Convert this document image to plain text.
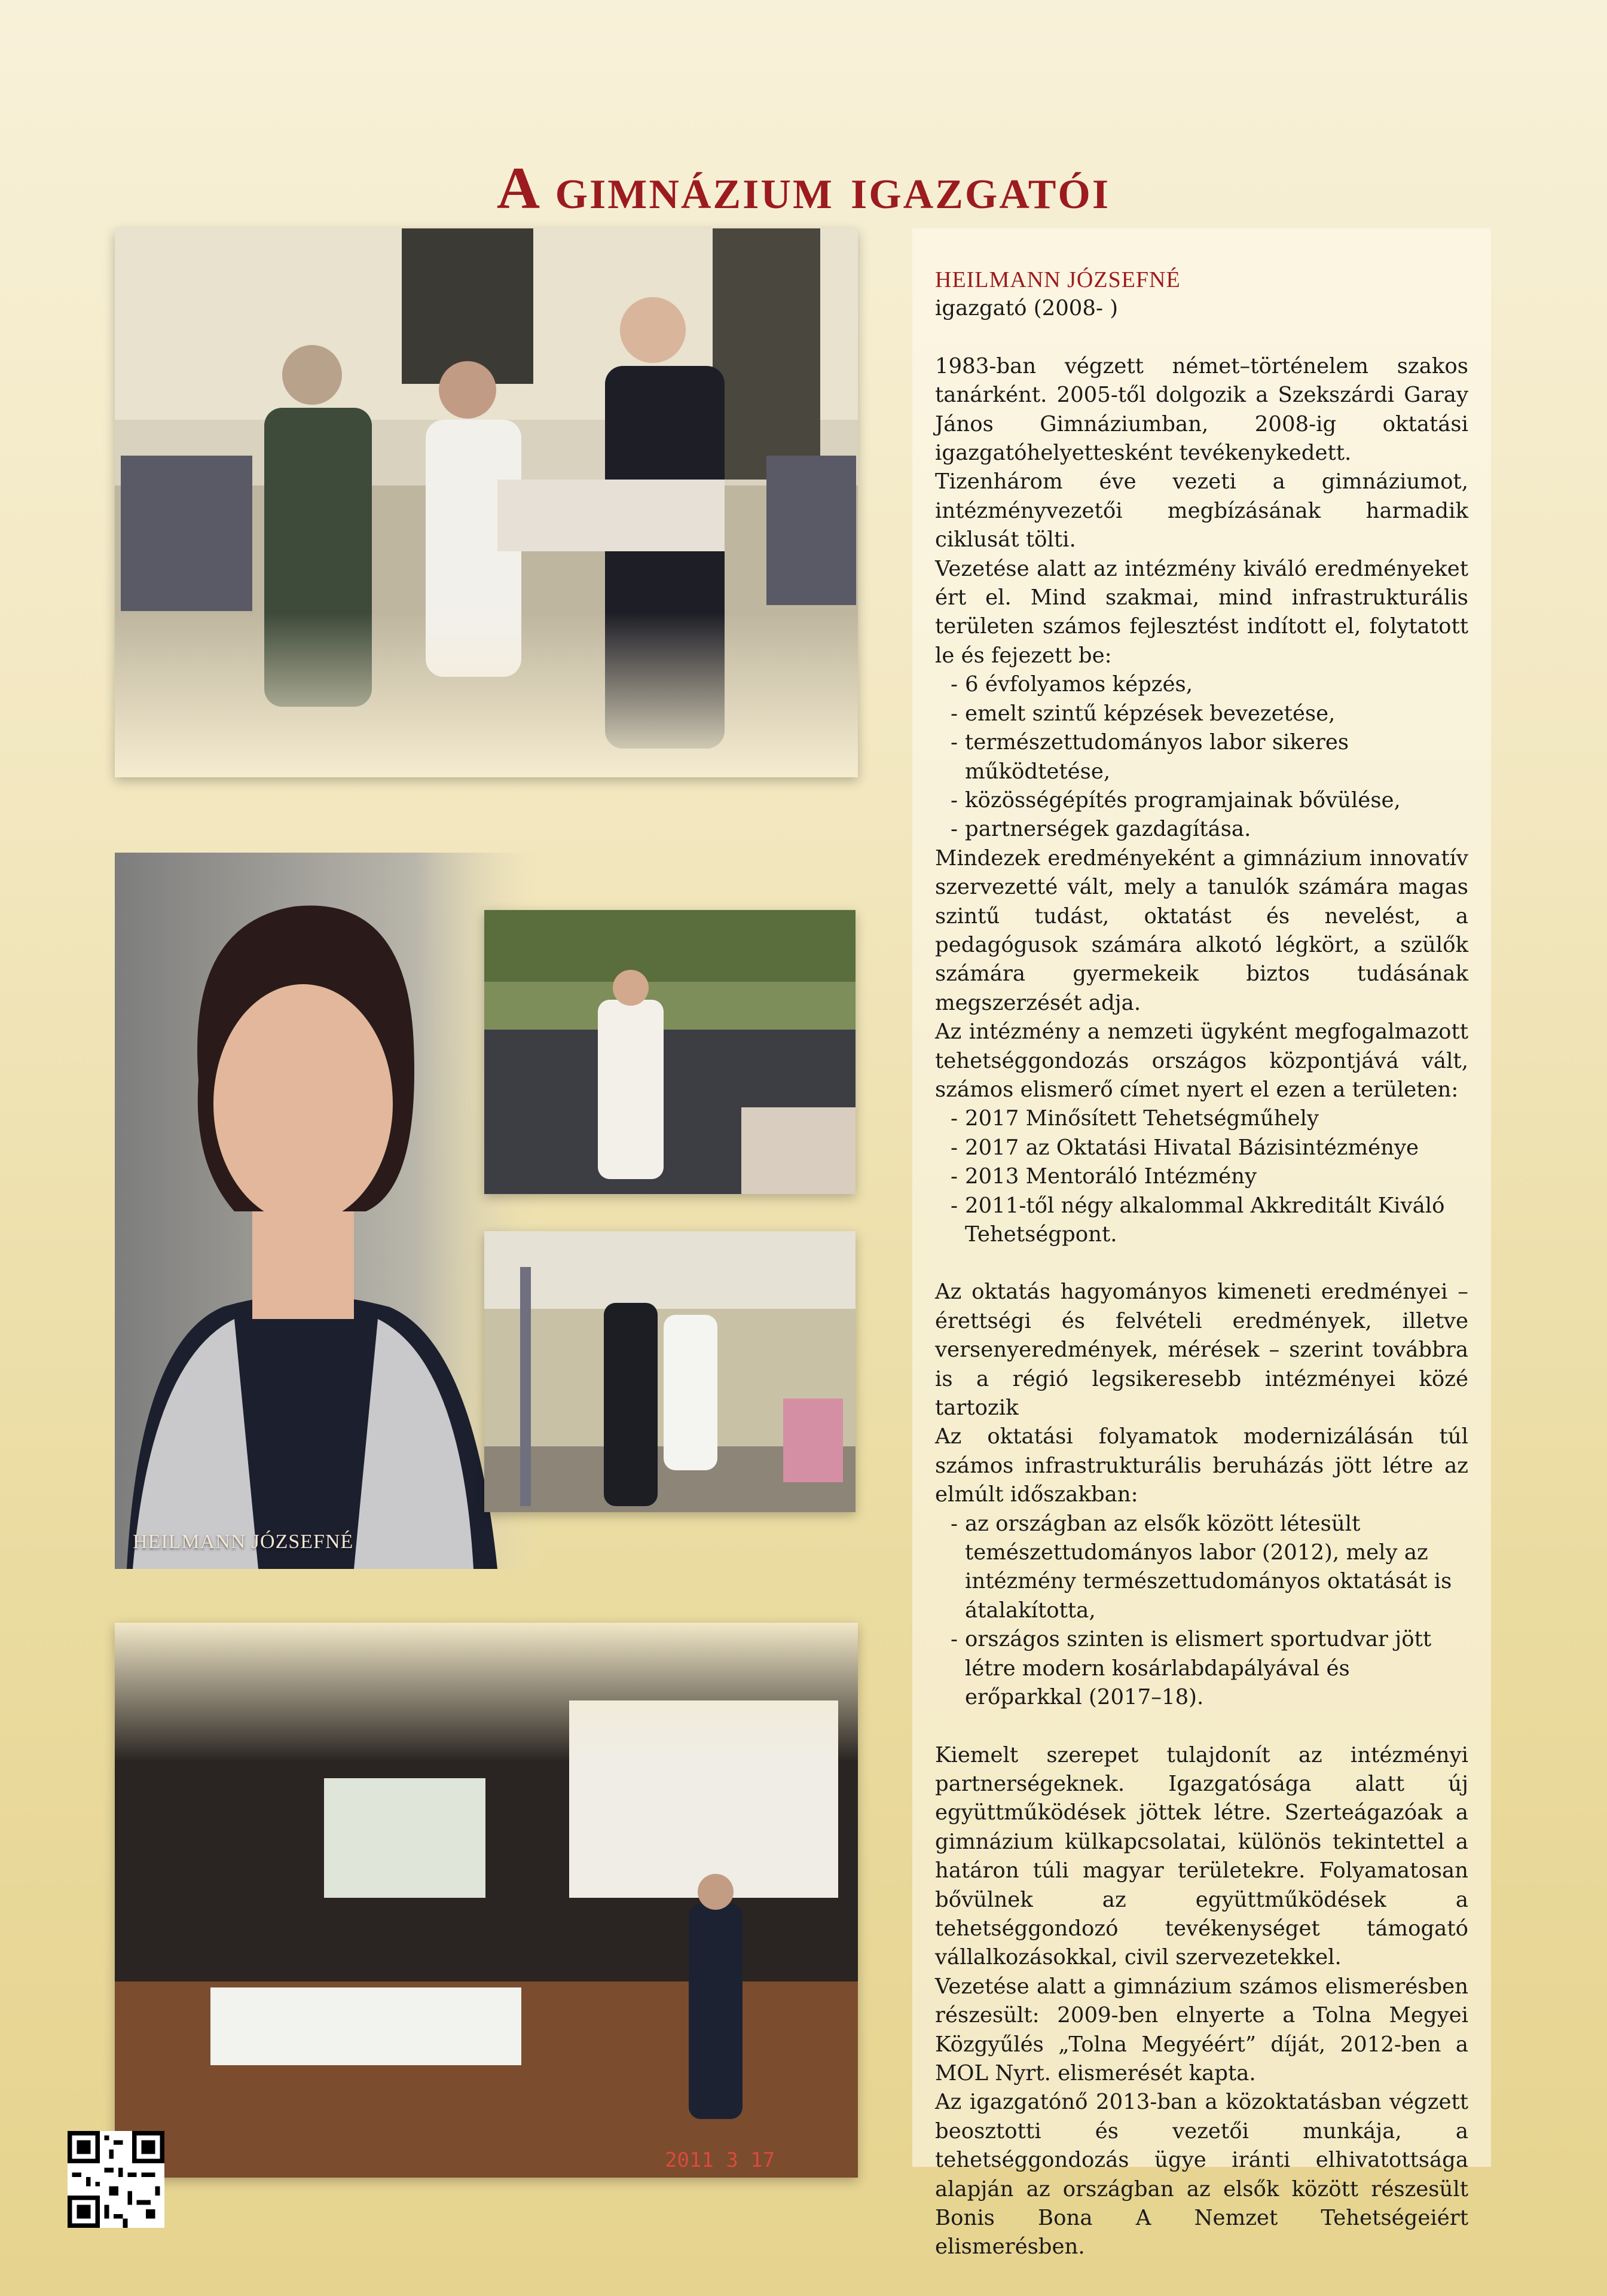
A gimnázium igazgatói
HEILMANN JÓZSEFNÉ
2011 3 17
HEILMANN JÓZSEFNÉ
igazgató (2008- )

1983-ban végzett német–történelem szakos tanárként. 2005-től dolgozik a Szekszárdi Garay János Gimnáziumban, 2008-ig oktatási igazgatóhelyettesként tevékenykedett.

Tizenhárom éve vezeti a gimnáziumot, intézményvezetői megbízásának harmadik ciklusát tölti.

Vezetése alatt az intézmény kiváló eredményeket ért el. Mind szakmai, mind infrastrukturális területen számos fejlesztést indított el, folytatott le és fejezett be:

- 6 évfolyamos képzés,
- emelt szintű képzések bevezetése,
- természettudományos labor sikeres működtetése,
- közösségépítés programjainak bővülése,
- partnerségek gazdagítása.

Mindezek eredményeként a gimnázium innovatív szervezetté vált, mely a tanulók számára magas szintű tudást, oktatást és nevelést, a pedagógusok számára alkotó légkört, a szülők számára gyermekeik biztos tudásának megszerzését adja.

Az intézmény a nemzeti ügyként megfogalmazott tehetséggondozás országos központjává vált, számos elismerő címet nyert el ezen a területen:

- 2017 Minősített Tehetségműhely
- 2017 az Oktatási Hivatal Bázisintézménye
- 2013 Mentoráló Intézmény
- 2011-től négy alkalommal Akkreditált Kiváló Tehetségpont.

Az oktatás hagyományos kimeneti eredményei – érettségi és felvételi eredmények, illetve versenyeredmények, mérések – szerint továbbra is a régió legsikeresebb intézményei közé tartozik

Az oktatási folyamatok modernizálásán túl számos infrastrukturális beruházás jött létre az elmúlt időszakban:

- az országban az elsők között létesült temészettudományos labor (2012), mely az intézmény természettudományos oktatását is átalakította,
- országos szinten is elismert sportudvar jött létre modern kosárlabdapályával és erőparkkal (2017–18).

Kiemelt szerepet tulajdonít az intézményi partnerségeknek. Igazgatósága alatt új együttműködések jöttek létre. Szerteágazóak a gimnázium külkapcsolatai, különös tekintettel a határon túli magyar területekre. Folyamatosan bővülnek az együttműködések a tehetséggondozó tevékenységet támogató vállalkozásokkal, civil szervezetekkel.

Vezetése alatt a gimnázium számos elismerésben részesült: 2009-ben elnyerte a Tolna Megyei Közgyűlés „Tolna Megyéért” díját, 2012-ben a MOL Nyrt. elismerését kapta.

Az igazgatónő 2013-ban a közoktatásban végzett beosztotti és vezetői munkája, a tehetséggondozás ügye iránti elhivatottsága alapján az országban az elsők között részesült Bonis Bona A Nemzet Tehetségeiért elismerésben.
